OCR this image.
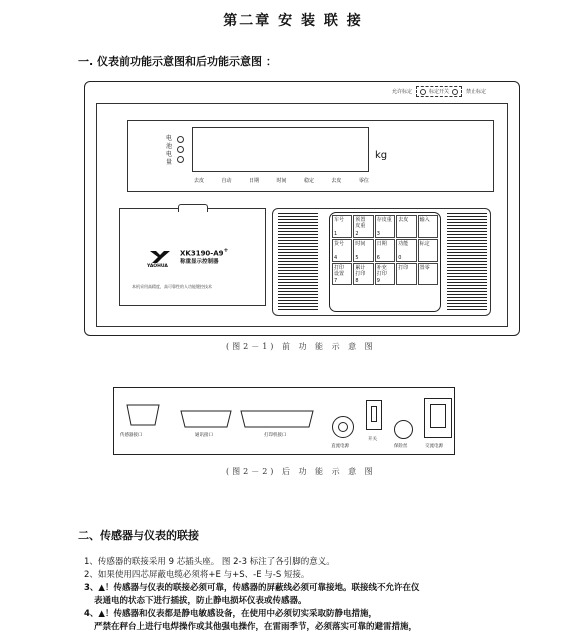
第二章 安 装 联 接
一. 仪表前功能示意图和后功能示意图 ：
允许标定	标定开关	禁止标定
kg
电池电量
去皮	自动	日期	时间	稳定	去皮	零位
XK3190-A9+
称重显示控制器
YAOHUA
本机采用高精度，高可靠性的人功能键控技术
车号
1
预置
皮重
2
存皮重
3
去皮	输入
货号
4
时间
5
日期
6
功能
0
标定
打印
设置
7
累计
打印
8
补充
打印
9
打印	置零
(图2－1) 前 功 能 示 意 图
传感器接口	通讯接口	打印机接口
直流电源
开关
保险丝	交流电源
(图2－2) 后 功 能 示 意 图
二、传感器与仪表的联接

1、传感器的联接采用 9 芯插头座。 图 2-3 标注了各引脚的意义。

2、如果使用四芯屏蔽电缆必须将+E 与+S、-E 与-S 短接。

3、▲！传感器与仪表的联接必须可靠，传感器的屏蔽线必须可靠接地。联接线不允许在仪

表通电的状态下进行插拔，防止静电损坏仪表或传感器。

4、▲！传感器和仪表都是静电敏感设备，在使用中必须切实采取防静电措施，

严禁在秤台上进行电焊操作或其他强电操作，在雷雨季节，必须落实可靠的避雷措施，
